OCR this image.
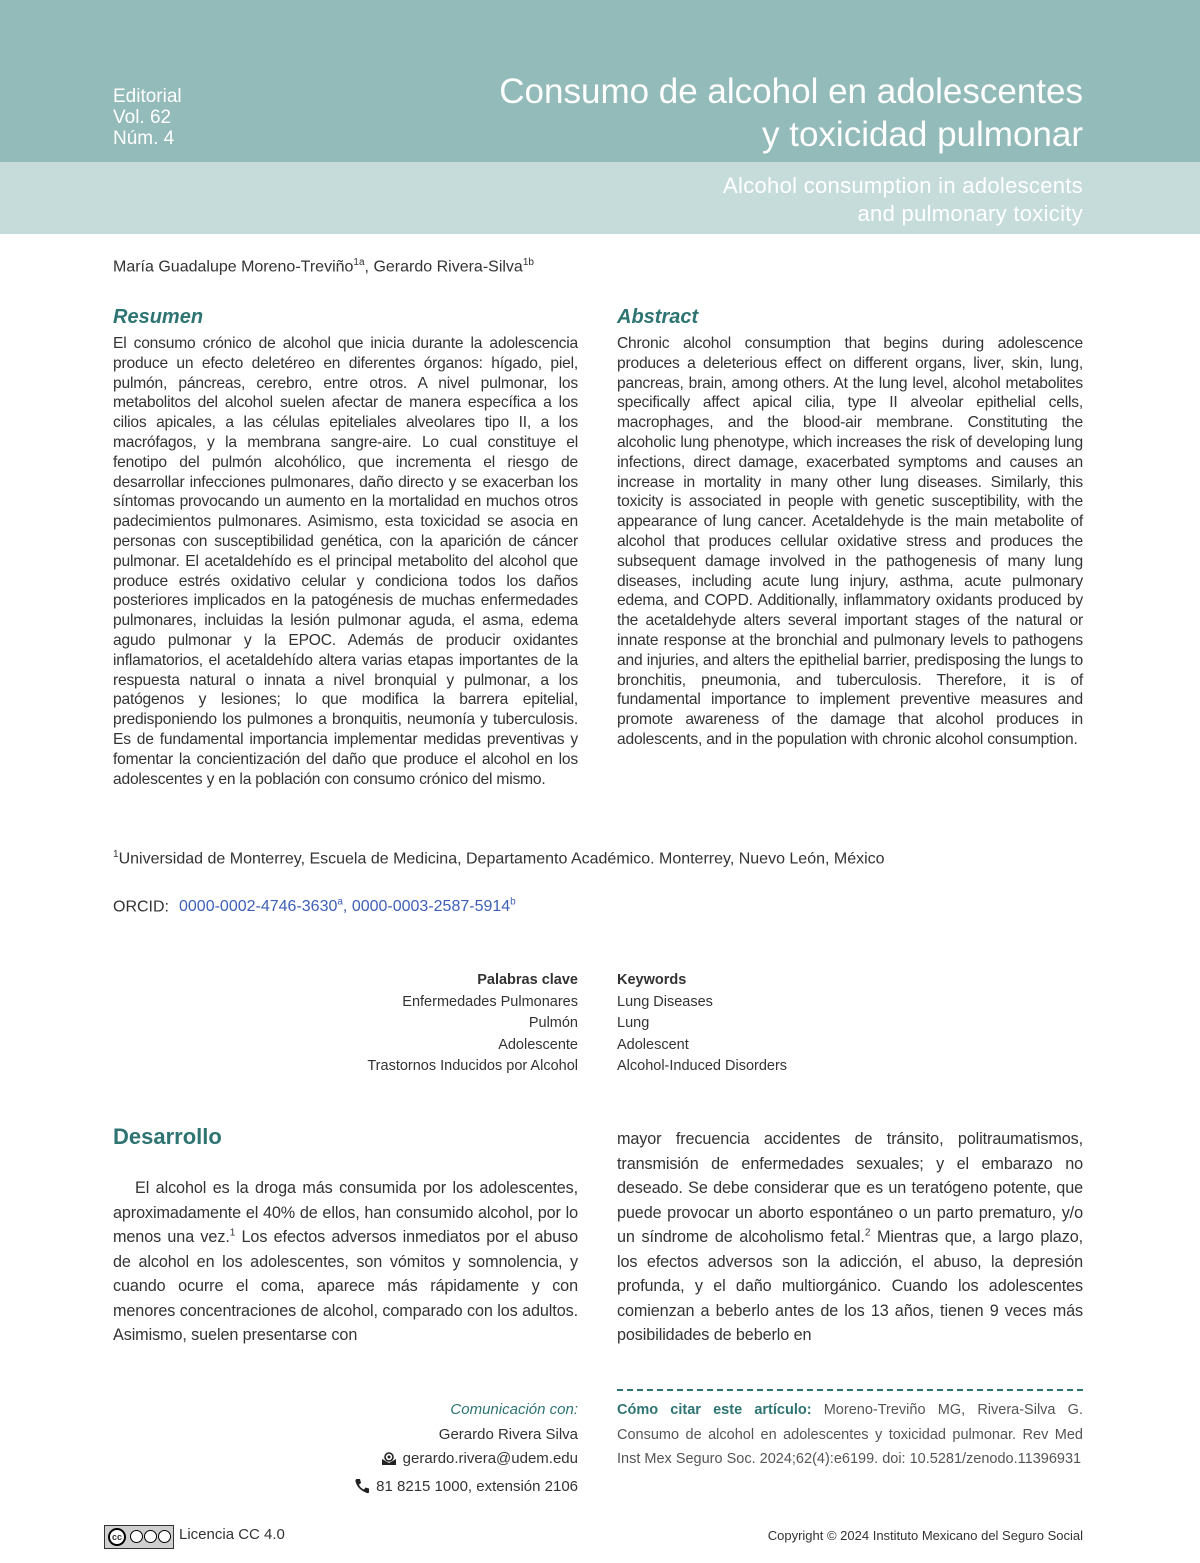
Editorial
Vol. 62
Núm. 4
Consumo de alcohol en adolescentes
y toxicidad pulmonar
Alcohol consumption in adolescents
and pulmonary toxicity
María Guadalupe Moreno-Treviño$^{1a}$, Gerardo Rivera-Silva$^{1b}$
Resumen

El consumo crónico de alcohol que inicia durante la adolescencia produce un efecto deletéreo en diferentes órganos: hígado, piel, pulmón, páncreas, cerebro, entre otros. A nivel pulmonar, los metabolitos del alcohol suelen afectar de manera específica a los cilios apicales, a las células epiteliales alveolares tipo II, a los macrófagos, y la membrana sangre-aire. Lo cual constituye el fenotipo del pulmón alcohólico, que incrementa el riesgo de desarrollar infecciones pulmonares, daño directo y se exacerban los síntomas provocando un aumento en la mortalidad en muchos otros padecimientos pulmonares. Asimismo, esta toxicidad se asocia en personas con susceptibilidad genética, con la aparición de cáncer pulmonar. El acetaldehído es el principal metabolito del alcohol que produce estrés oxidativo celular y condiciona todos los daños posteriores implicados en la patogénesis de muchas enfermedades pulmonares, incluidas la lesión pulmonar aguda, el asma, edema agudo pulmonar y la EPOC. Además de producir oxidantes inflamatorios, el acetaldehído altera varias etapas importantes de la respuesta natural o innata a nivel bronquial y pulmonar, a los patógenos y lesiones; lo que modifica la barrera epitelial, predisponiendo los pulmones a bronquitis, neumonía y tuberculosis. Es de fundamental importancia implementar medidas preventivas y fomentar la concientización del daño que produce el alcohol en los adolescentes y en la población con consumo crónico del mismo.

Abstract

Chronic alcohol consumption that begins during adolescence produces a deleterious effect on different organs, liver, skin, lung, pancreas, brain, among others. At the lung level, alcohol metabolites specifically affect apical cilia, type II alveolar epithelial cells, macrophages, and the blood-air membrane. Constituting the alcoholic lung phenotype, which increases the risk of developing lung infections, direct damage, exacerbated symptoms and causes an increase in mortality in many other lung diseases. Similarly, this toxicity is associated in people with genetic susceptibility, with the appearance of lung cancer. Acetaldehyde is the main metabolite of alcohol that produces cellular oxidative stress and produces the subsequent damage involved in the pathogenesis of many lung diseases, including acute lung injury, asthma, acute pulmonary edema, and COPD. Additionally, inflammatory oxidants produced by the acetaldehyde alters several important stages of the natural or innate response at the bronchial and pulmonary levels to pathogens and injuries, and alters the epithelial barrier, predisposing the lungs to bronchitis, pneumonia, and tuberculosis. Therefore, it is of fundamental importance to implement preventive measures and promote awareness of the damage that alcohol produces in adolescents, and in the population with chronic alcohol consumption.

$^1$Universidad de Monterrey, Escuela de Medicina, Departamento Académico. Monterrey, Nuevo León, México
ORCID: 0000-0002-4746-3630$^a$, 0000-0003-2587-5914$^b$
Palabras clave
Enfermedades Pulmonares
Pulmón
Adolescente
Trastornos Inducidos por Alcohol
Keywords
Lung Diseases
Lung
Adolescent
Alcohol-Induced Disorders
Desarrollo

El alcohol es la droga más consumida por los adolescentes, aproximadamente el 40% de ellos, han consumido alcohol, por lo menos una vez.$^1$ Los efectos adversos inmediatos por el abuso de alcohol en los adolescentes, son vómitos y somnolencia, y cuando ocurre el coma, aparece más rápidamente y con menores concentraciones de alcohol, comparado con los adultos. Asimismo, suelen presentarse con

mayor frecuencia accidentes de tránsito, politraumatismos, transmisión de enfermedades sexuales; y el embarazo no deseado. Se debe considerar que es un teratógeno potente, que puede provocar un aborto espontáneo o un parto prematuro, y/o un síndrome de alcoholismo fetal.$^2$ Mientras que, a largo plazo, los efectos adversos son la adicción, el abuso, la depresión profunda, y el daño multiorgánico. Cuando los adolescentes comienzan a beberlo antes de los 13 años, tienen 9 veces más posibilidades de beberlo en

Comunicación con:
Gerardo Rivera Silva
gerardo.rivera@udem.edu
81 8215 1000, extensión 2106
Cómo citar este artículo: Moreno-Treviño MG, Rivera-Silva G. Consumo de alcohol en adolescentes y toxicidad pulmonar. Rev Med Inst Mex Seguro Soc. 2024;62(4):e6199. doi: 10.5281/zenodo.11396931
cc	Licencia CC 4.0	Copyright © 2024 Instituto Mexicano del Seguro Social
